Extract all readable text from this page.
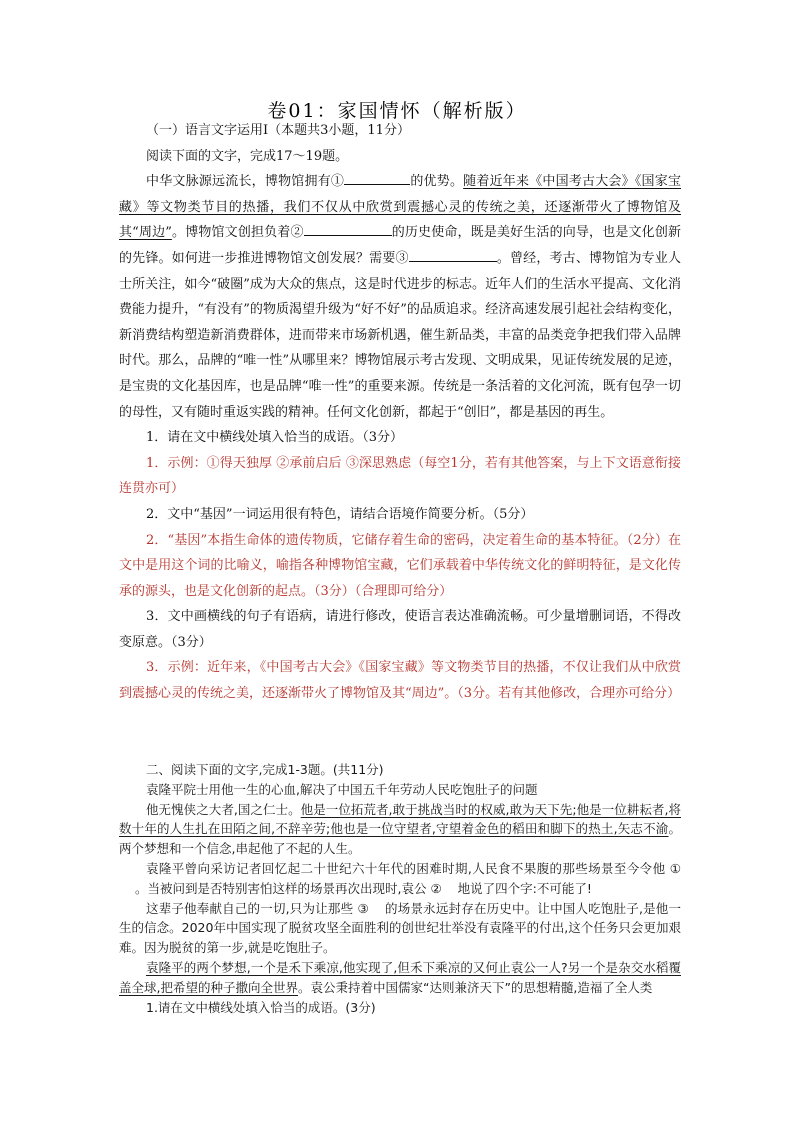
卷01：家国情怀（解析版）

（一）语言文字运用Ⅰ（本题共3小题，11分）

阅读下面的文字，完成17～19题。

中华文脉源远流长，博物馆拥有①	的优势。随着近年来《中国考古大会》《国家宝藏》等文物类节目的热播，我们不仅从中欣赏到震撼心灵的传统之美，还逐渐带火了博物馆及其“周边”。博物馆文创担负着②	的历史使命，既是美好生活的向导，也是文化创新的先锋。如何进一步推进博物馆文创发展？需要③	。曾经，考古、博物馆为专业人士所关注，如今“破圈”成为大众的焦点，这是时代进步的标志。近年人们的生活水平提高、文化消费能力提升，“有没有”的物质渴望升级为“好不好”的品质追求。经济高速发展引起社会结构变化，新消费结构塑造新消费群体，进而带来市场新机遇，催生新品类，丰富的品类竞争把我们带入品牌时代。那么，品牌的“唯一性”从哪里来？博物馆展示考古发现、文明成果，见证传统发展的足迹，是宝贵的文化基因库，也是品牌“唯一性”的重要来源。传统是一条活着的文化河流，既有包孕一切的母性，又有随时重返实践的精神。任何文化创新，都起于“创旧”，都是基因的再生。

1．请在文中横线处填入恰当的成语。（3分）

1．示例：①得天独厚 ②承前启后 ③深思熟虑（每空1分，若有其他答案，与上下文语意衔接连贯亦可）

2．文中“基因”一词运用很有特色，请结合语境作简要分析。（5分）

2．“基因”本指生命体的遗传物质，它储存着生命的密码，决定着生命的基本特征。（2分）在文中是用这个词的比喻义，喻指各种博物馆宝藏，它们承载着中华传统文化的鲜明特征，是文化传承的源头，也是文化创新的起点。（3分）（合理即可给分）

3．文中画横线的句子有语病，请进行修改，使语言表达准确流畅。可少量增删词语，不得改变原意。（3分）

3．示例：近年来，《中国考古大会》《国家宝藏》等文物类节目的热播，不仅让我们从中欣赏到震撼心灵的传统之美，还逐渐带火了博物馆及其“周边”。（3分。若有其他修改，合理亦可给分）

二、阅读下面的文字,完成1-3题。(共11分)

袁隆平院士用他一生的心血,解决了中国五千年劳动人民吃饱肚子的问题

他无愧侠之大者,国之仁士。他是一位拓荒者,敢于挑战当时的权威,敢为天下先;他是一位耕耘者,将数十年的人生扎在田陌之间,不辞辛劳;他也是一位守望者,守望着金色的稻田和脚下的热土,矢志不渝。两个梦想和一个信念,串起他了不起的人生。

袁隆平曾向采访记者回忆起二十世纪六十年代的困难时期,人民食不果腹的那些场景至今令他 ①。当被问到是否特别害怕这样的场景再次出现时,袁公 ② 地说了四个字:不可能了!

这辈子他奉献自己的一切,只为让那些 ③ 的场景永远封存在历史中。让中国人吃饱肚子,是他一生的信念。2020年中国实现了脱贫攻坚全面胜利的创世纪壮举没有袁隆平的付出,这个任务只会更加艰难。因为脱贫的第一步,就是吃饱肚子。

袁隆平的两个梦想,一个是禾下乘凉,他实现了,但禾下乘凉的又何止袁公一人?另一个是杂交水稻覆盖全球,把希望的种子撒向全世界。袁公秉持着中国儒家“达则兼济天下”的思想精髓,造福了全人类

1.请在文中横线处填入恰当的成语。(3分)
